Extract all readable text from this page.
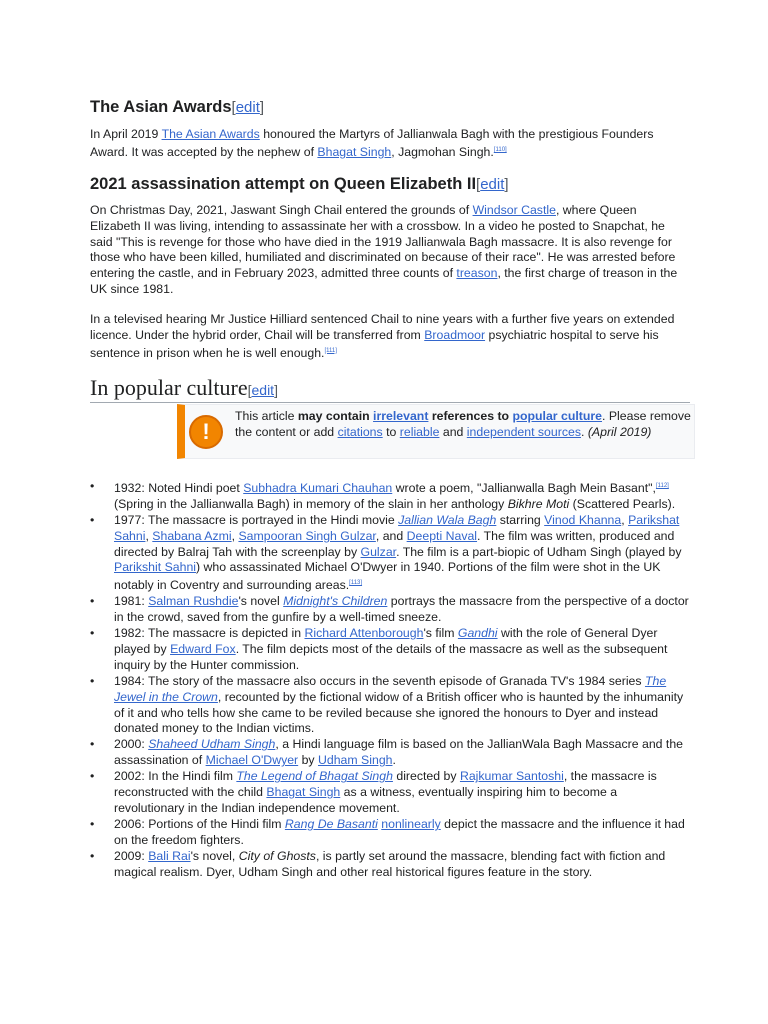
The Asian Awards[edit]

In April 2019 The Asian Awards honoured the Martyrs of Jallianwala Bagh with the prestigious Founders Award. It was accepted by the nephew of Bhagat Singh, Jagmohan Singh.[110]

2021 assassination attempt on Queen Elizabeth II[edit]

On Christmas Day, 2021, Jaswant Singh Chail entered the grounds of Windsor Castle, where Queen Elizabeth II was living, intending to assassinate her with a crossbow. In a video he posted to Snapchat, he said "This is revenge for those who have died in the 1919 Jallianwala Bagh massacre. It is also revenge for those who have been killed, humiliated and discriminated on because of their race". He was arrested before entering the castle, and in February 2023, admitted three counts of treason, the first charge of treason in the UK since 1981.

In a televised hearing Mr Justice Hilliard sentenced Chail to nine years with a further five years on extended licence. Under the hybrid order, Chail will be transferred from Broadmoor psychiatric hospital to serve his sentence in prison when he is well enough.[111]

In popular culture[edit]
!
This article may contain irrelevant references to popular culture. Please remove the content or add citations to reliable and independent sources. (April 2019)
• 1932: Noted Hindi poet Subhadra Kumari Chauhan wrote a poem, "Jallianwalla Bagh Mein Basant",[112] (Spring in the Jallianwalla Bagh) in memory of the slain in her anthology Bikhre Moti (Scattered Pearls).
• 1977: The massacre is portrayed in the Hindi movie Jallian Wala Bagh starring Vinod Khanna, Parikshat Sahni, Shabana Azmi, Sampooran Singh Gulzar, and Deepti Naval. The film was written, produced and directed by Balraj Tah with the screenplay by Gulzar. The film is a part-biopic of Udham Singh (played by Parikshit Sahni) who assassinated Michael O'Dwyer in 1940. Portions of the film were shot in the UK notably in Coventry and surrounding areas.[113]
• 1981: Salman Rushdie's novel Midnight's Children portrays the massacre from the perspective of a doctor in the crowd, saved from the gunfire by a well-timed sneeze.
• 1982: The massacre is depicted in Richard Attenborough's film Gandhi with the role of General Dyer played by Edward Fox. The film depicts most of the details of the massacre as well as the subsequent inquiry by the Hunter commission.
• 1984: The story of the massacre also occurs in the seventh episode of Granada TV's 1984 series The Jewel in the Crown, recounted by the fictional widow of a British officer who is haunted by the inhumanity of it and who tells how she came to be reviled because she ignored the honours to Dyer and instead donated money to the Indian victims.
• 2000: Shaheed Udham Singh, a Hindi language film is based on the JallianWala Bagh Massacre and the assassination of Michael O'Dwyer by Udham Singh.
• 2002: In the Hindi film The Legend of Bhagat Singh directed by Rajkumar Santoshi, the massacre is reconstructed with the child Bhagat Singh as a witness, eventually inspiring him to become a revolutionary in the Indian independence movement.
• 2006: Portions of the Hindi film Rang De Basanti nonlinearly depict the massacre and the influence it had on the freedom fighters.
• 2009: Bali Rai's novel, City of Ghosts, is partly set around the massacre, blending fact with fiction and magical realism. Dyer, Udham Singh and other real historical figures feature in the story.
